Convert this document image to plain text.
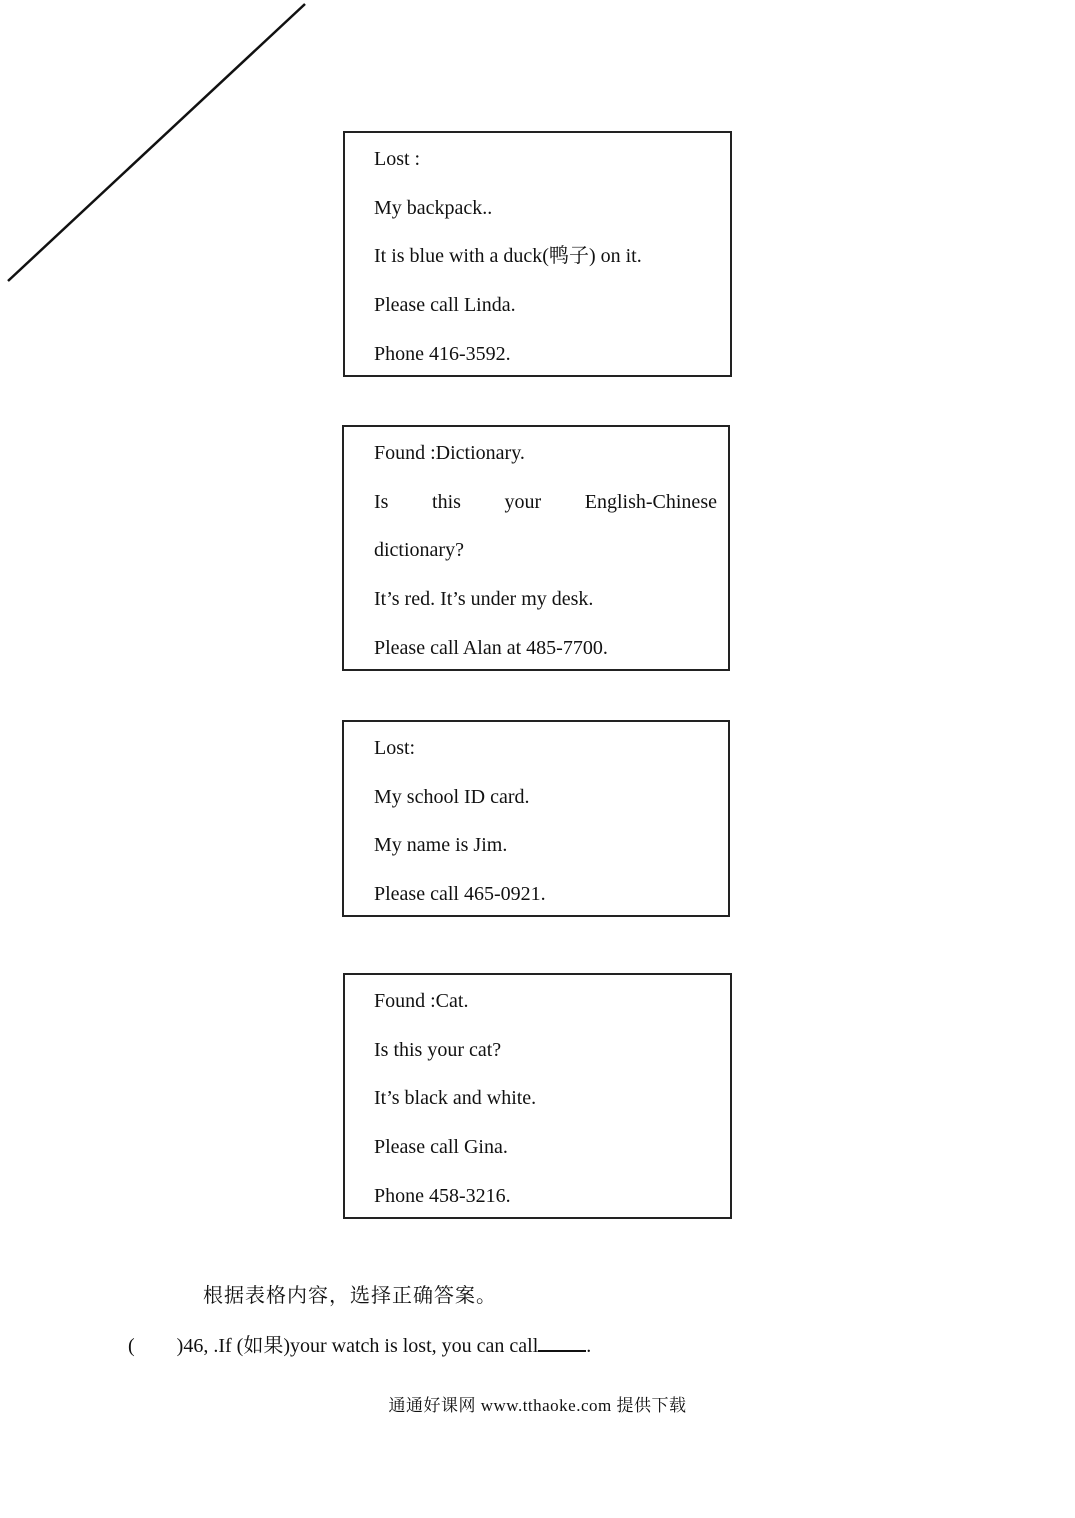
Lost :
My backpack..
It is blue with a duck(鸭子) on it.
Please call Linda.
Phone 416-3592.
Found :Dictionary.
Is this your English-Chinese
dictionary?
It’s red. It’s under my desk.
Please call Alan at 485-7700.
Lost:
My school ID card.
My name is Jim.
Please call 465-0921.
Found :Cat.
Is this your cat?
It’s black and white.
Please call Gina.
Phone 458-3216.
根据表格内容，选择正确答案。
( )46, .If (如果)your watch is lost, you can call .
通通好课网 www.tthaoke.com 提供下载
